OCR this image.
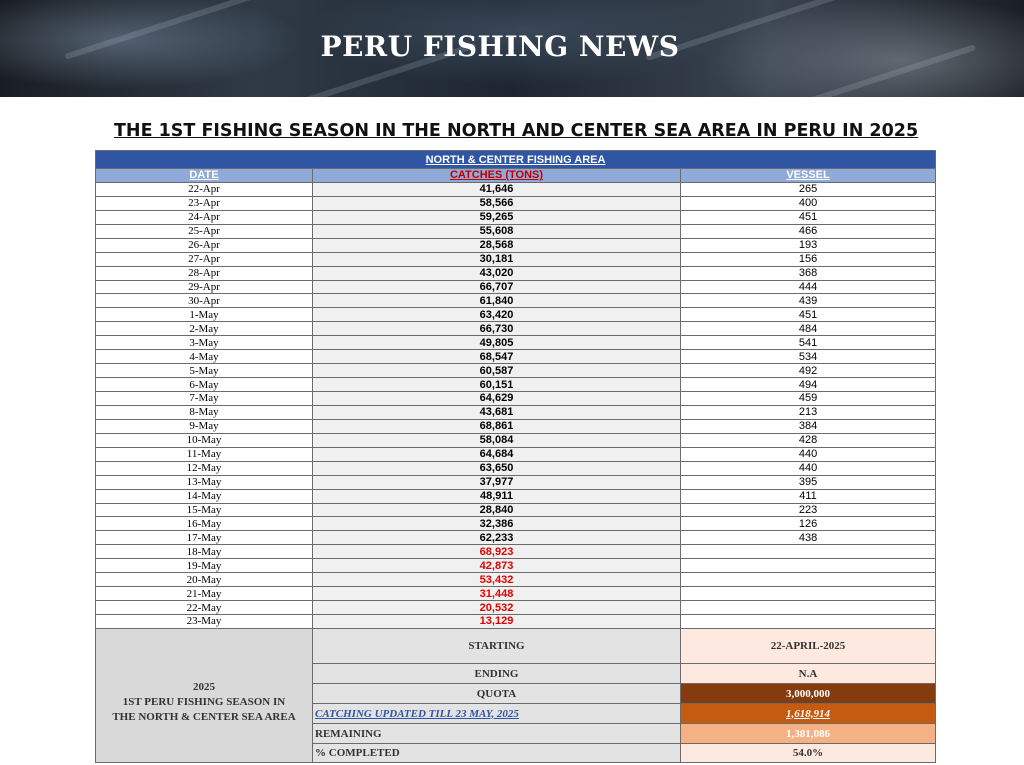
PERU FISHING NEWS
THE 1ST FISHING SEASON IN THE NORTH AND CENTER SEA AREA IN PERU IN 2025
NORTH & CENTER FISHING AREA		
DATE	CATCHES (TONS)	VESSEL
22-Apr	41,646	265
23-Apr	58,566	400
24-Apr	59,265	451
25-Apr	55,608	466
26-Apr	28,568	193
27-Apr	30,181	156
28-Apr	43,020	368
29-Apr	66,707	444
30-Apr	61,840	439
1-May	63,420	451
2-May	66,730	484
3-May	49,805	541
4-May	68,547	534
5-May	60,587	492
6-May	60,151	494
7-May	64,629	459
8-May	43,681	213
9-May	68,861	384
10-May	58,084	428
11-May	64,684	440
12-May	63,650	440
13-May	37,977	395
14-May	48,911	411
15-May	28,840	223
16-May	32,386	126
17-May	62,233	438
18-May	68,923	
19-May	42,873	
20-May	53,432	
21-May	31,448	
22-May	20,532	
23-May	13,129	
2025
1ST PERU FISHING SEASON IN THE NORTH & CENTER SEA AREA	STARTING	22-APRIL-2025
	ENDING	N.A
	QUOTA	3,000,000
	CATCHING UPDATED TILL 23 MAY, 2025	1,618,914
	REMAINING	1,381,086
	% COMPLETED	54.0%
